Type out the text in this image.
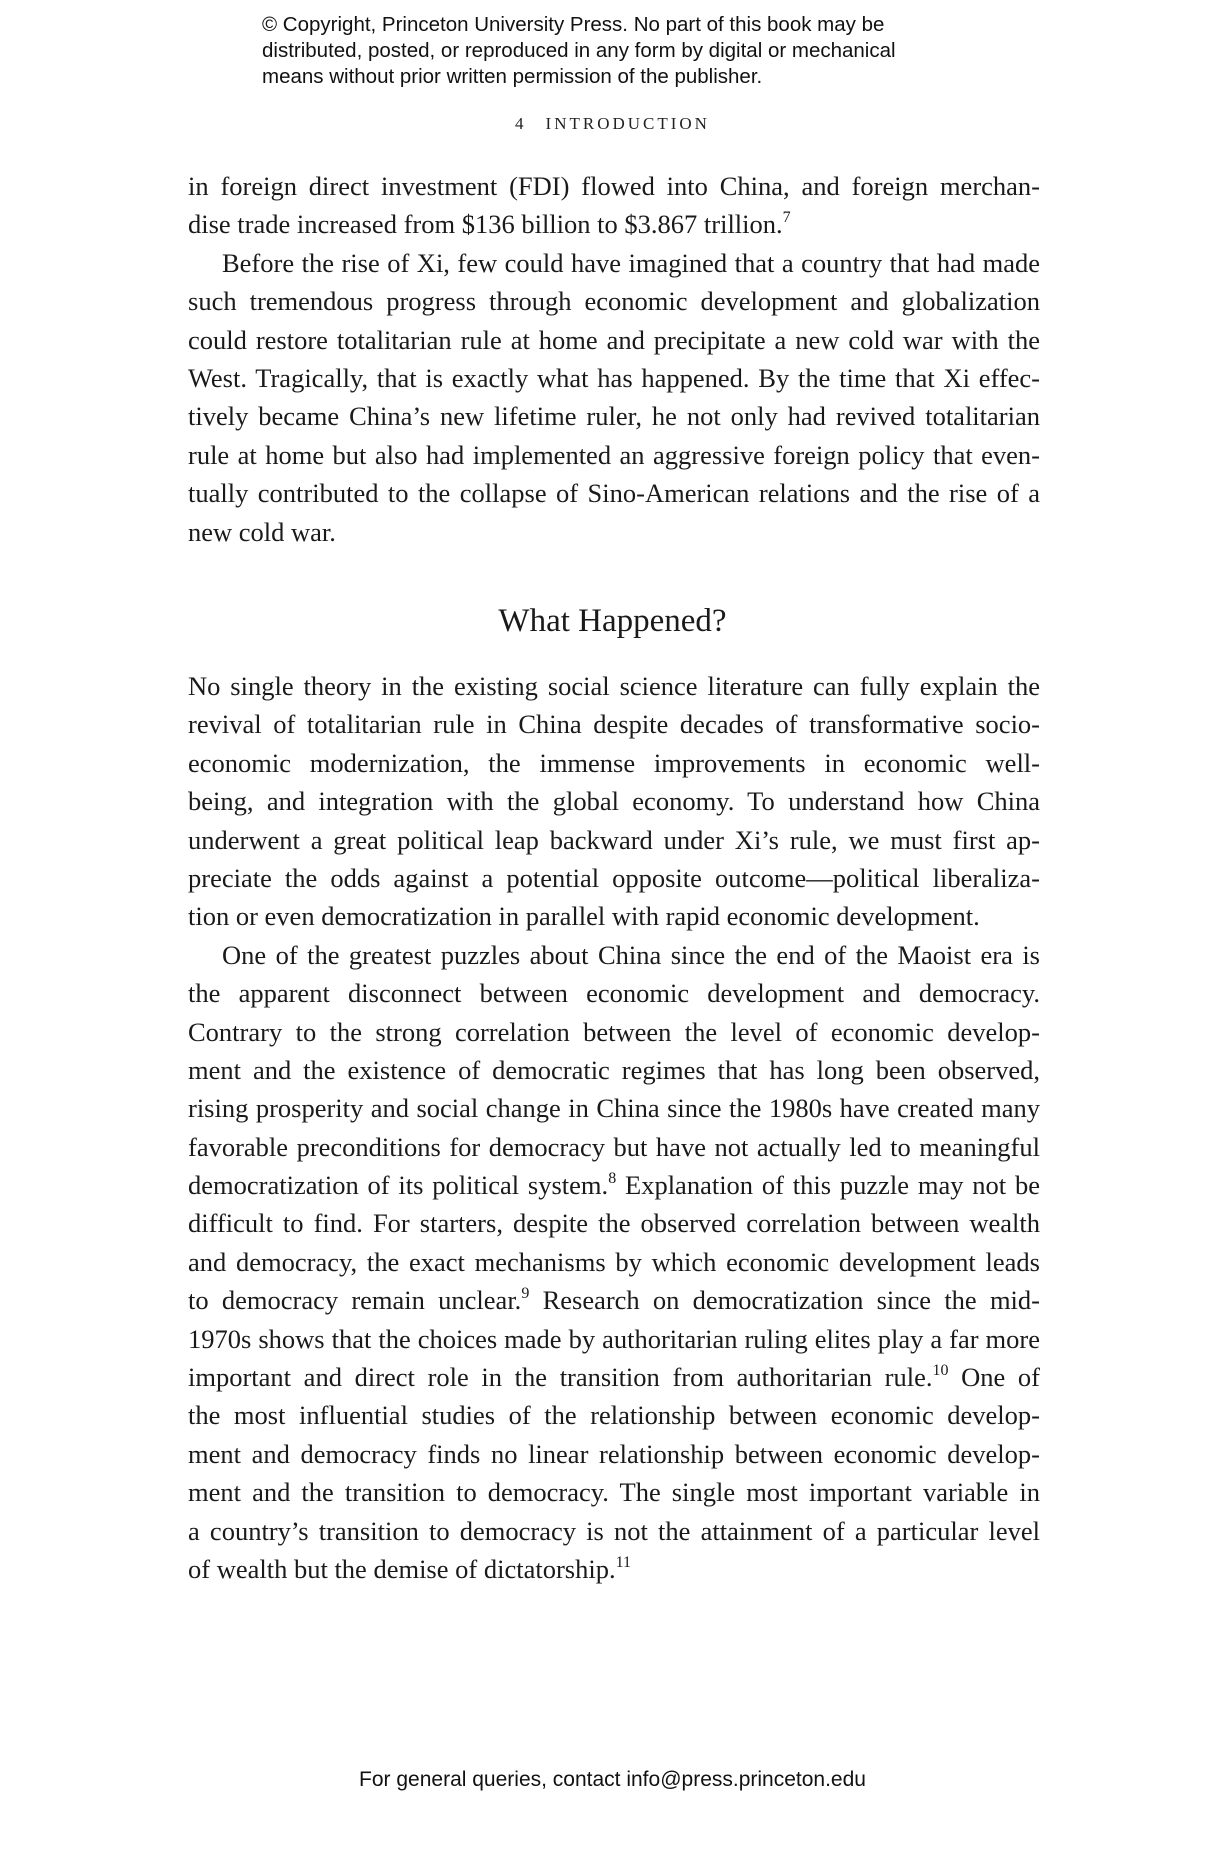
© Copyright, Princeton University Press. No part of this book may be
distributed, posted, or reproduced in any form by digital or mechanical
means without prior written permission of the publisher.
4 INTRODUCTION
in foreign direct investment (FDI) flowed into China, and foreign merchan-
dise trade increased from $136 billion to $3.867 trillion.$^7$
Before the rise of Xi, few could have imagined that a country that had made
such tremendous progress through economic development and globalization
could restore totalitarian rule at home and precipitate a new cold war with the
West. Tragically, that is exactly what has happened. By the time that Xi effec-
tively became China’s new lifetime ruler, he not only had revived totalitarian
rule at home but also had implemented an aggressive foreign policy that even-
tually contributed to the collapse of Sino-American relations and the rise of a
new cold war.
What Happened?
No single theory in the existing social science literature can fully explain the
revival of totalitarian rule in China despite decades of transformative socio-
economic modernization, the immense improvements in economic well-
being, and integration with the global economy. To understand how China
underwent a great political leap backward under Xi’s rule, we must first ap-
preciate the odds against a potential opposite outcome—political liberaliza-
tion or even democratization in parallel with rapid economic development.
One of the greatest puzzles about China since the end of the Maoist era is
the apparent disconnect between economic development and democracy.
Contrary to the strong correlation between the level of economic develop-
ment and the existence of democratic regimes that has long been observed,
rising prosperity and social change in China since the 1980s have created many
favorable preconditions for democracy but have not actually led to meaningful
democratization of its political system.$^8$ Explanation of this puzzle may not be
difficult to find. For starters, despite the observed correlation between wealth
and democracy, the exact mechanisms by which economic development leads
to democracy remain unclear.$^9$ Research on democratization since the mid-
1970s shows that the choices made by authoritarian ruling elites play a far more
important and direct role in the transition from authoritarian rule.$^{10}$ One of
the most influential studies of the relationship between economic develop-
ment and democracy finds no linear relationship between economic develop-
ment and the transition to democracy. The single most important variable in
a country’s transition to democracy is not the attainment of a particular level
of wealth but the demise of dictatorship.$^{11}$
For general queries, contact info@press.princeton.edu
